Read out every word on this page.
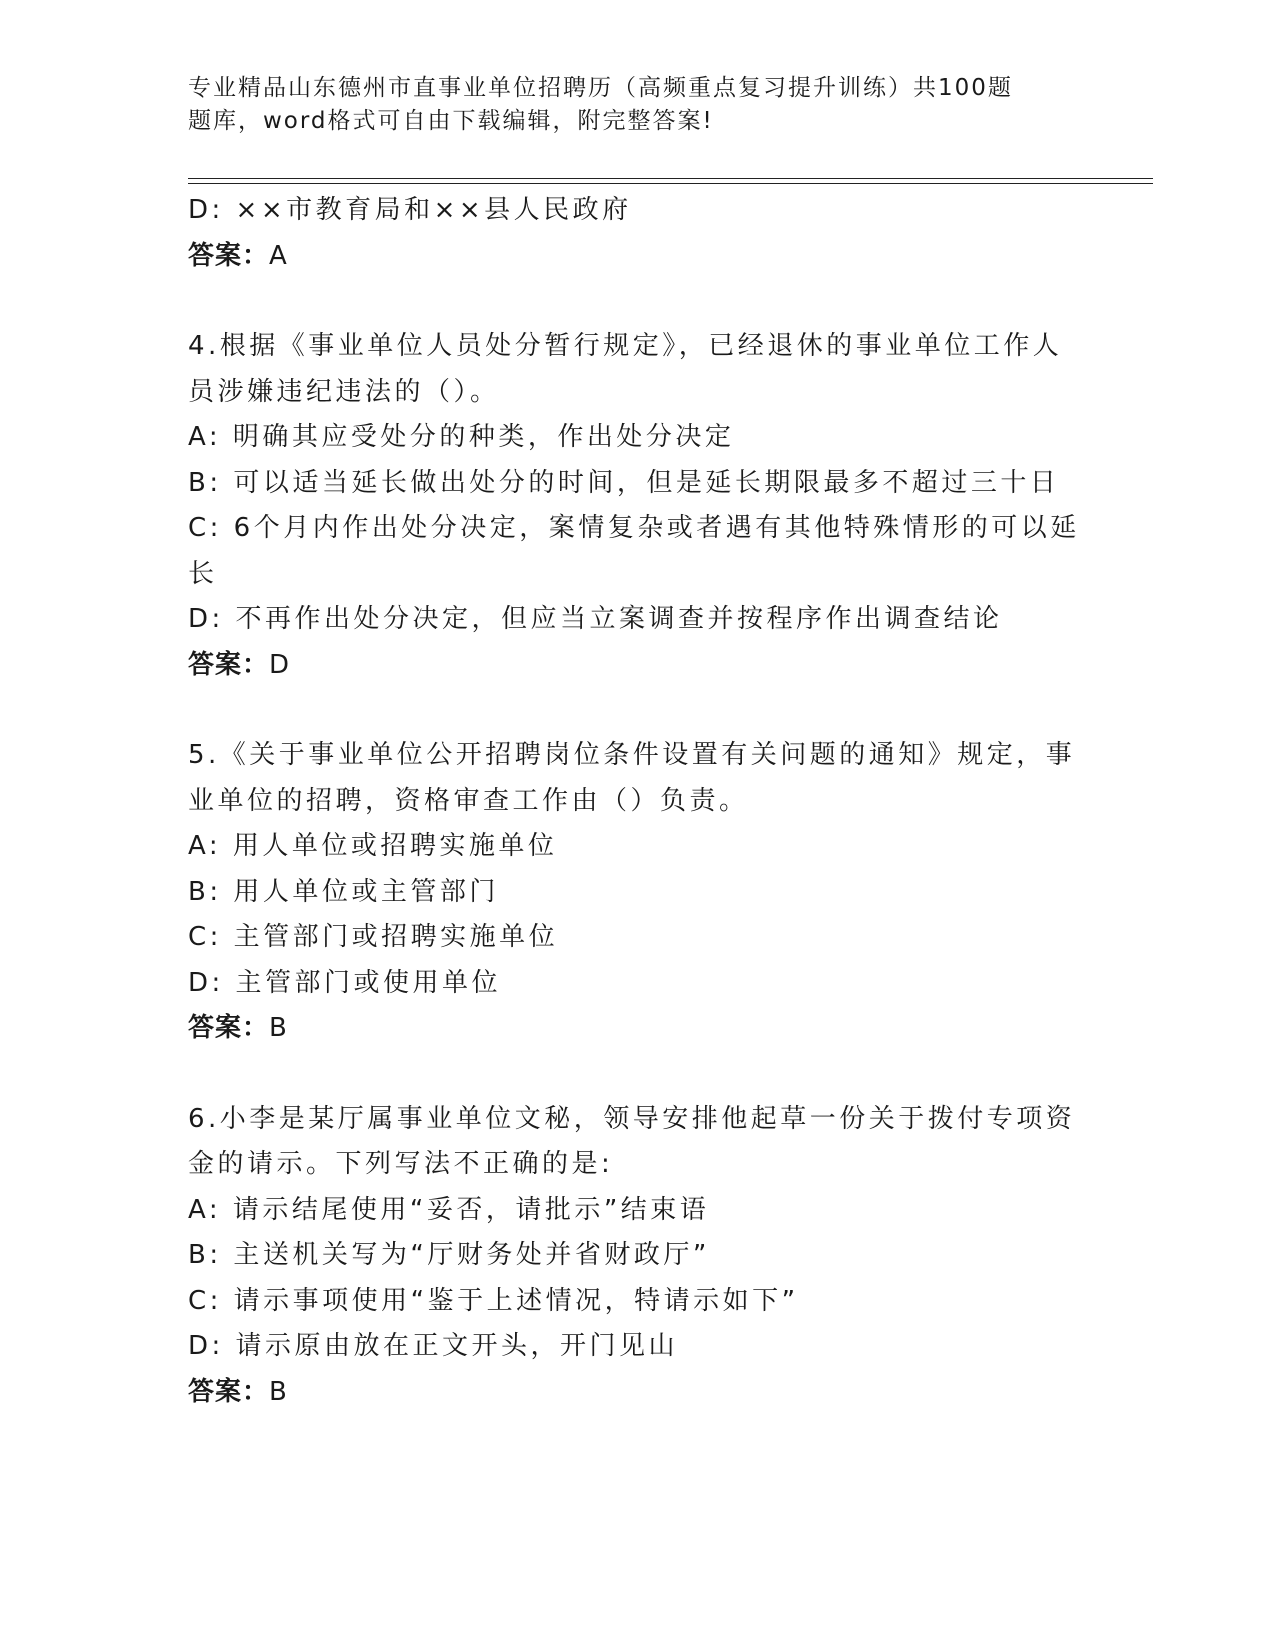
专业精品山东德州市直事业单位招聘历（高频重点复习提升训练）共100题
题库，word格式可自由下载编辑，附完整答案!
D: ××市教育局和××县人民政府
答案：A
4.根据《事业单位人员处分暂行规定》，已经退休的事业单位工作人
员涉嫌违纪违法的（）。
A: 明确其应受处分的种类，作出处分决定
B: 可以适当延长做出处分的时间，但是延长期限最多不超过三十日
C: 6个月内作出处分决定，案情复杂或者遇有其他特殊情形的可以延
长
D: 不再作出处分决定，但应当立案调查并按程序作出调查结论
答案：D
5.《关于事业单位公开招聘岗位条件设置有关问题的通知》规定，事
业单位的招聘，资格审查工作由（）负责。
A: 用人单位或招聘实施单位
B: 用人单位或主管部门
C: 主管部门或招聘实施单位
D: 主管部门或使用单位
答案：B
6.小李是某厅属事业单位文秘，领导安排他起草一份关于拨付专项资
金的请示。下列写法不正确的是:
A: 请示结尾使用“妥否，请批示”结束语
B: 主送机关写为“厅财务处并省财政厅”
C: 请示事项使用“鉴于上述情况，特请示如下”
D: 请示原由放在正文开头，开门见山
答案：B
